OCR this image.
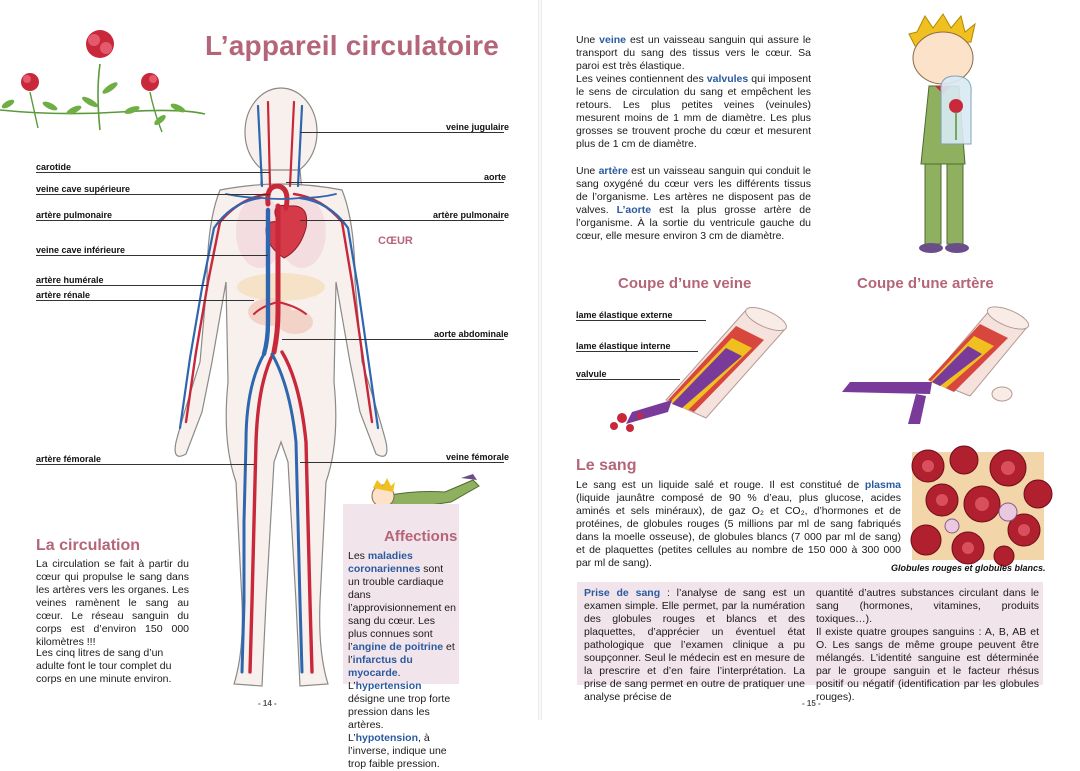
L’appareil circulatoire
veine jugulaire
carotide
aorte
veine cave supérieure
artère pulmonaire	artère pulmonaire
CŒUR
veine cave inférieure
artère humérale
artère rénale
aorte abdominale
artère fémorale	veine fémorale
Affections

Les maladies coronariennes sont un trouble cardiaque dans l’approvisionnement en sang du cœur. Les plus connues sont l’angine de poitrine et l’infarctus du myocarde.
L’hypertension désigne une trop forte pression dans les artères. L’hypotension, à l’inverse, indique une trop faible pression.

La circulation

La circulation se fait à partir du cœur qui propulse le sang dans les artères vers les organes. Les veines ramènent le sang au cœur. Le réseau sanguin du corps est d’environ 150 000 kilomètres !!!

Les cinq litres de sang d’un adulte font le tour complet du corps en une minute environ.

- 14 -

Une veine est un vaisseau sanguin qui assure le transport du sang des tissus vers le cœur. Sa paroi est très élastique.
Les veines contiennent des valvules qui imposent le sens de circulation du sang et empêchent les retours. Les plus petites veines (veinules) mesurent moins de 1 mm de diamètre. Les plus grosses se trouvent proche du cœur et mesurent plus de 1 cm de diamètre.

Une artère est un vaisseau sanguin qui conduit le sang oxygéné du cœur vers les différents tissus de l’organisme. Les artères ne disposent pas de valves. L’aorte est la plus grosse artère de l’organisme. À la sortie du ventricule gauche du cœur, elle mesure environ 3 cm de diamètre.

Coupe d’une veine	Coupe d’une artère
lame élastique externe
lame élastique interne
valvule
Le sang

Le sang est un liquide salé et rouge. Il est constitué de plasma (liquide jaunâtre composé de 90 % d’eau, plus glucose, acides aminés et sels minéraux), de gaz O₂ et CO₂, d’hormones et de protéines, de globules rouges (5 millions par ml de sang fabriqués dans la moelle osseuse), de globules blancs (7 000 par ml de sang) et de plaquettes (petites cellules au nombre de 150 000 à 300 000 par ml de sang).	Globules rouges et globules blancs.

Prise de sang : l’analyse de sang est un examen simple. Elle permet, par la numération des globules rouges et blancs et des plaquettes, d’apprécier un éventuel état pathologique que l’examen clinique a pu soupçonner. Seul le médecin est en mesure de la prescrire et d’en faire l’interprétation. La prise de sang permet en outre de pratiquer une analyse précise de

quantité d’autres substances circulant dans le sang (hormones, vitamines, produits toxiques…).
Il existe quatre groupes sanguins : A, B, AB et O. Les sangs de même groupe peuvent être mélangés. L’identité sanguine est déterminée par le groupe sanguin et le facteur rhésus positif ou négatif (identification par les globules rouges).

- 15 -
